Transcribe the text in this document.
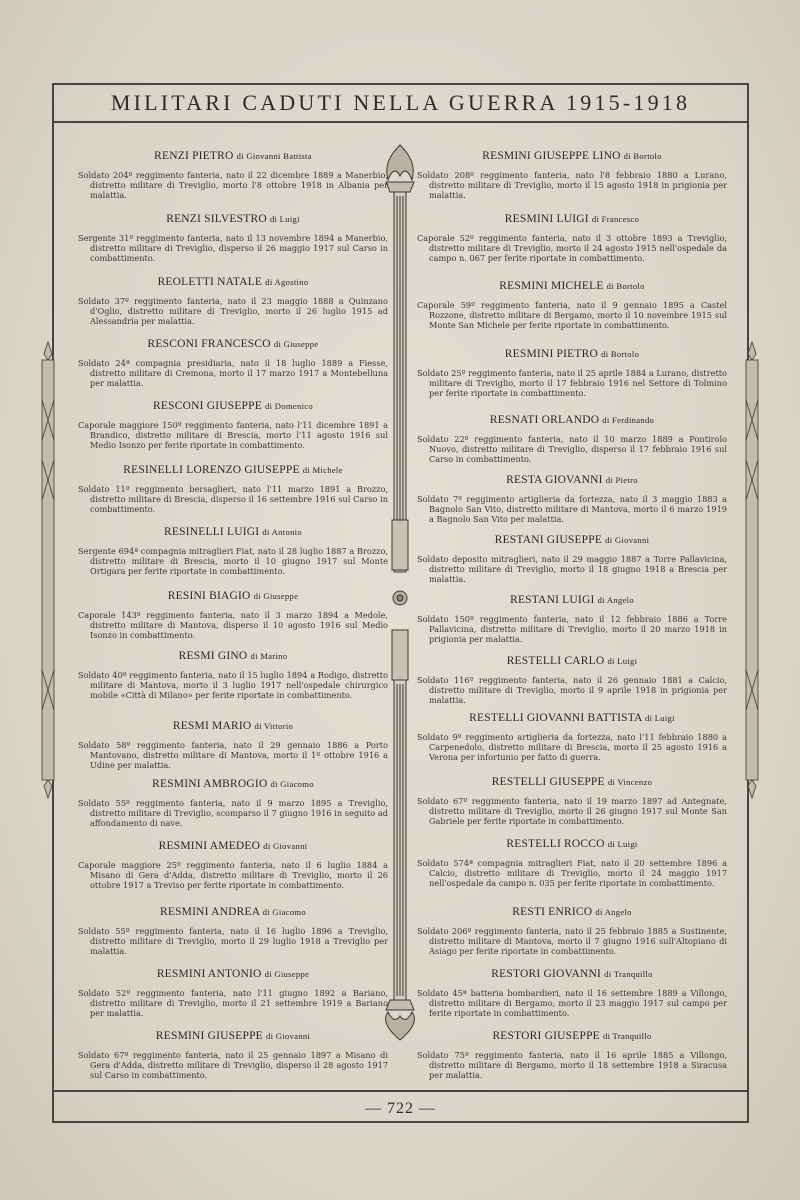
MILITARI CADUTI NELLA GUERRA 1915-1918
RENZI PIETRO di Giovanni Battista
Soldato 204º reggimento fanteria, nato il 22 dicembre 1889 a Manerbio, distretto militare di Treviglio, morto l'8 ottobre 1918 in Albania per malattia.
RENZI SILVESTRO di Luigi
Sergente 31º reggimento fanteria, nato il 13 novembre 1894 a Manerbio, distretto militare di Treviglio, disperso il 26 maggio 1917 sul Carso in combattimento.
REOLETTI NATALE di Agostino
Soldato 37º reggimento fanteria, nato il 23 maggio 1888 a Quinzano d'Oglio, distretto militare di Treviglio, morto il 26 luglio 1915 ad Alessandria per malattia.
RESCONI FRANCESCO di Giuseppe
Soldato 24ª compagnia presidiaria, nato il 18 luglio 1889 a Fiesse, distretto militare di Cremona, morto il 17 marzo 1917 a Montebelluna per malattia.
RESCONI GIUSEPPE di Domenico
Caporale maggiore 150º reggimento fanteria, nato l'11 dicembre 1891 a Brandico, distretto militare di Brescia, morto l'11 agosto 1916 sul Medio Isonzo per ferite riportate in combattimento.
RESINELLI LORENZO GIUSEPPE di Michele
Soldato 11º reggimento bersaglieri, nato l'11 marzo 1891 a Brozzo, distretto militare di Brescia, disperso il 16 settembre 1916 sul Carso in combattimento.
RESINELLI LUIGI di Antonio
Sergente 694ª compagnia mitraglieri Fiat, nato il 28 luglio 1887 a Brozzo, distretto militare di Brescia, morto il 10 giugno 1917 sul Monte Ortigara per ferite riportate in combattimento.
RESINI BIAGIO di Giuseppe
Caporale 143º reggimento fanteria, nato il 3 marzo 1894 a Medole, distretto militare di Mantova, disperso il 10 agosto 1916 sul Medio Isonzo in combattimento.
RESMI GINO di Marino
Soldato 40º reggimento fanteria, nato il 15 luglio 1894 a Rodigo, distretto militare di Mantova, morto il 3 luglio 1917 nell'ospedale chirurgico mobile «Città di Milano» per ferite riportate in combattimento.
RESMI MARIO di Vittorio
Soldato 58º reggimento fanteria, nato il 29 gennaio 1886 a Porto Mantovano, distretto militare di Mantova, morto il 1º ottobre 1916 a Udine per malattia.
RESMINI AMBROGIO di Giacomo
Soldato 55º reggimento fanteria, nato il 9 marzo 1895 a Treviglio, distretto militare di Treviglio, scomparso il 7 giugno 1916 in seguito ad affondamento di nave.
RESMINI AMEDEO di Giovanni
Caporale maggiore 25º reggimento fanteria, nato il 6 luglio 1884 a Misano di Gera d'Adda, distretto militare di Treviglio, morto il 26 ottobre 1917 a Treviso per ferite riportate in combattimento.
RESMINI ANDREA di Giacomo
Soldato 55º reggimento fanteria, nato il 16 luglio 1896 a Treviglio, distretto militare di Treviglio, morto il 29 luglio 1918 a Treviglio per malattia.
RESMINI ANTONIO di Giuseppe
Soldato 52º reggimento fanteria, nato l'11 giugno 1892 a Bariano, distretto militare di Treviglio, morto il 21 settembre 1919 a Bariano per malattia.
RESMINI GIUSEPPE di Giovanni
Soldato 67º reggimento fanteria, nato il 25 gennaio 1897 a Misano di Gera d'Adda, distretto militare di Treviglio, disperso il 28 agosto 1917 sul Carso in combattimento.
RESMINI GIUSEPPE LINO di Bortolo
Soldato 208º reggimento fanteria, nato l'8 febbraio 1880 a Lurano, distretto militare di Treviglio, morto il 15 agosto 1918 in prigionia per malattia.
RESMINI LUIGI di Francesco
Caporale 52º reggimento fanteria, nato il 3 ottobre 1893 a Treviglio, distretto militare di Treviglio, morto il 24 agosto 1915 nell'ospedale da campo n. 067 per ferite riportate in combattimento.
RESMINI MICHELE di Bortolo
Caporale 59º reggimento fanteria, nato il 9 gennaio 1895 a Castel Rozzone, distretto militare di Bergamo, morto il 10 novembre 1915 sul Monte San Michele per ferite riportate in combattimento.
RESMINI PIETRO di Bortolo
Soldato 25º reggimento fanteria, nato il 25 aprile 1884 a Lurano, distretto militare di Treviglio, morto il 17 febbraio 1916 nel Settore di Tolmino per ferite riportate in combattimento.
RESNATI ORLANDO di Ferdinando
Soldato 22º reggimento fanteria, nato il 10 marzo 1889 a Pontirolo Nuovo, distretto militare di Treviglio, disperso il 17 febbraio 1916 sul Carso in combattimento.
RESTA GIOVANNI di Pietro
Soldato 7º reggimento artiglieria da fortezza, nato il 3 maggio 1883 a Bagnolo San Vito, distretto militare di Mantova, morto il 6 marzo 1919 a Bagnolo San Vito per malattia.
RESTANI GIUSEPPE di Giovanni
Soldato deposito mitraglieri, nato il 29 maggio 1887 a Torre Pallavicina, distretto militare di Treviglio, morto il 18 giugno 1918 a Brescia per malattia.
RESTANI LUIGI di Angelo
Soldato 150º reggimento fanteria, nato il 12 febbraio 1886 a Torre Pallavicina, distretto militare di Treviglio, morto il 20 marzo 1918 in prigionia per malattia.
RESTELLI CARLO di Luigi
Soldato 116º reggimento fanteria, nato il 26 gennaio 1881 a Calcio, distretto militare di Treviglio, morto il 9 aprile 1918 in prigionia per malattia.
RESTELLI GIOVANNI BATTISTA di Luigi
Soldato 9º reggimento artiglieria da fortezza, nato l'11 febbraio 1880 a Carpenedolo, distretto militare di Brescia, morto il 25 agosto 1916 a Verona per infortunio per fatto di guerra.
RESTELLI GIUSEPPE di Vincenzo
Soldato 67º reggimento fanteria, nato il 19 marzo 1897 ad Antegnate, distretto militare di Treviglio, morto il 26 giugno 1917 sul Monte San Gabriele per ferite riportate in combattimento.
RESTELLI ROCCO di Luigi
Soldato 574ª compagnia mitraglieri Fiat, nato il 20 settembre 1896 a Calcio, distretto militare di Treviglio, morto il 24 maggio 1917 nell'ospedale da campo n. 035 per ferite riportate in combattimento.
RESTI ENRICO di Angelo
Soldato 206º reggimento fanteria, nato il 25 febbraio 1885 a Sustinente, distretto militare di Mantova, morto il 7 giugno 1916 sull'Altopiano di Asiago per ferite riportate in combattimento.
RESTORI GIOVANNI di Tranquillo
Soldato 45ª batteria bombardieri, nato il 16 settembre 1889 a Villongo, distretto militare di Bergamo, morto il 23 maggio 1917 sul campo per ferite riportate in combattimento.
RESTORI GIUSEPPE di Tranquillo
Soldato 75º reggimento fanteria, nato il 16 aprile 1885 a Villongo, distretto militare di Bergamo, morto il 18 settembre 1918 a Siracusa per malattia.
— 722 —
